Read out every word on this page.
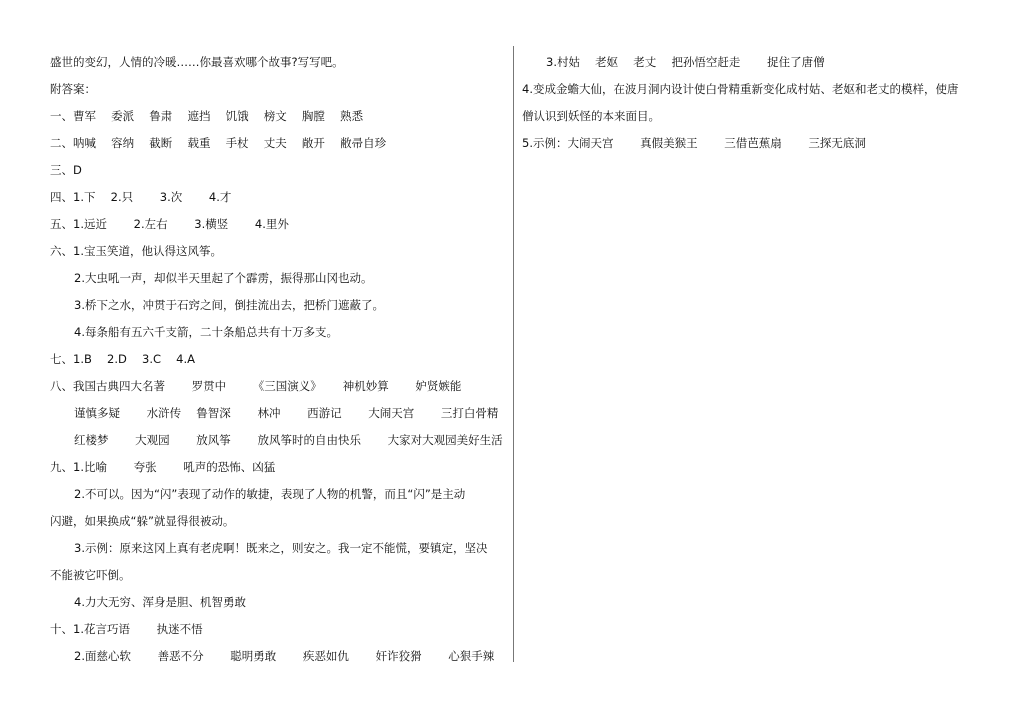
盛世的变幻，人情的冷暖……你最喜欢哪个故事?写写吧。
附答案：
一、曹军　 委派　 鲁肃　 遮挡　 饥饿　 榜文　 胸膛　 熟悉
二、呐喊　 容纳　 截断　 载重　 手杖　 丈夫　 敞开　 敝帚自珍
三、D
四、1.下　 2.只　　 3.次　　 4.才
五、1.远近　　 2.左右　　 3.横竖　　 4.里外
六、1.宝玉笑道，他认得这风筝。
2.大虫吼一声，却似半天里起了个霹雳，振得那山冈也动。
3.桥下之水，冲贯于石窍之间，倒挂流出去，把桥门遮蔽了。
4.每条船有五六千支箭，二十条船总共有十万多支。
七、1.B　 2.D　 3.C　 4.A
八、我国古典四大名著　　 罗贯中　　 《三国演义》　　 神机妙算　　 妒贤嫉能
谨慎多疑　　 水浒传　 鲁智深　　 林冲　　 西游记　　 大闹天宫　　 三打白骨精
红楼梦　　 大观园　　 放风筝　　 放风筝时的自由快乐　　 大家对大观园美好生活
九、1.比喻　　 夸张　　 吼声的恐怖、凶猛
2.不可以。因为“闪”表现了动作的敏捷，表现了人物的机警，而且“闪”是主动
闪避，如果换成“躲”就显得很被动。
3.示例：原来这冈上真有老虎啊！既来之，则安之。我一定不能慌，要镇定，坚决
不能被它吓倒。
4.力大无穷、浑身是胆、机智勇敢
十、1.花言巧语　　 执迷不悟
2.面慈心软　　 善恶不分　　 聪明勇敢　　 疾恶如仇　　 奸诈狡猾　　 心狠手辣
3.村姑　 老妪　 老丈　 把孙悟空赶走　　 捉住了唐僧
4.变成金蟾大仙，在波月洞内设计使白骨精重新变化成村姑、老妪和老丈的模样，使唐
僧认识到妖怪的本来面目。
5.示例：大闹天宫　　 真假美猴王　　 三借芭蕉扇　　 三探无底洞
